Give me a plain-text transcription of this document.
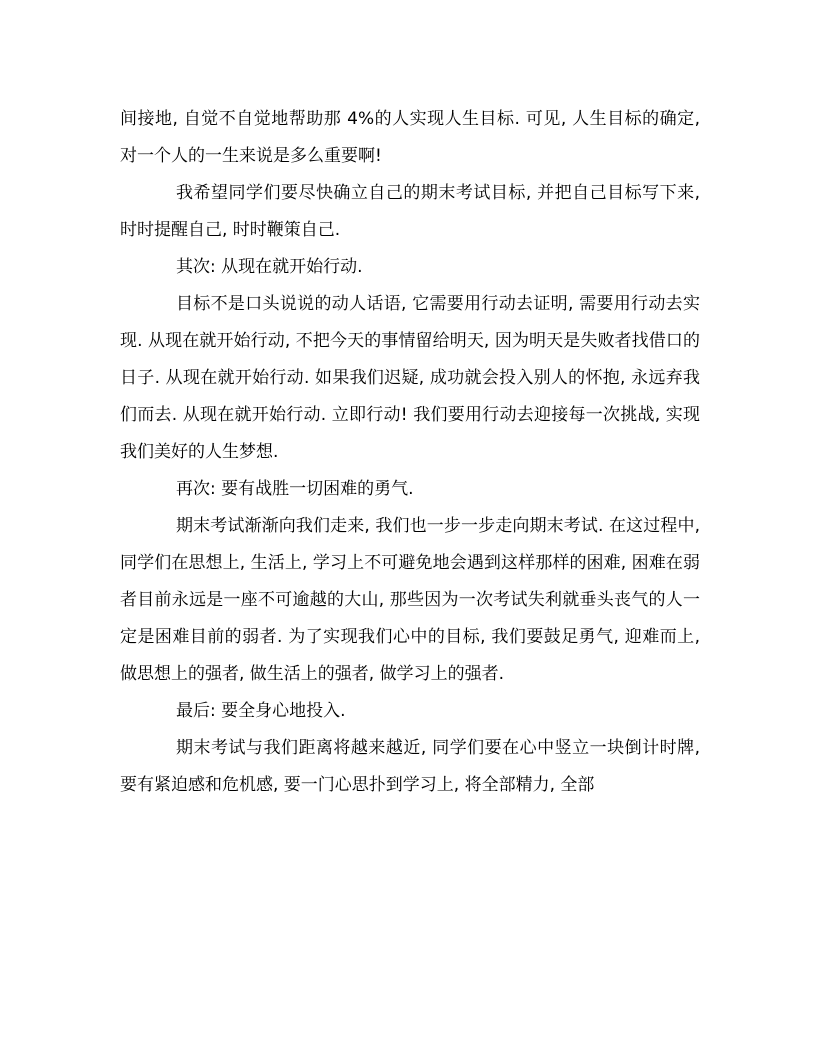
间接地, 自觉不自觉地帮助那 4%的人实现人生目标. 可见, 人生目标的确定, 对一个人的一生来说是多么重要啊!

我希望同学们要尽快确立自己的期末考试目标, 并把自己目标写下来, 时时提醒自己, 时时鞭策自己.

其次: 从现在就开始行动.

目标不是口头说说的动人话语, 它需要用行动去证明, 需要用行动去实现. 从现在就开始行动, 不把今天的事情留给明天, 因为明天是失败者找借口的日子. 从现在就开始行动. 如果我们迟疑, 成功就会投入别人的怀抱, 永远弃我们而去. 从现在就开始行动. 立即行动! 我们要用行动去迎接每一次挑战, 实现我们美好的人生梦想.

再次: 要有战胜一切困难的勇气.

期末考试渐渐向我们走来, 我们也一步一步走向期末考试. 在这过程中, 同学们在思想上, 生活上, 学习上不可避免地会遇到这样那样的困难, 困难在弱者目前永远是一座不可逾越的大山, 那些因为一次考试失利就垂头丧气的人一定是困难目前的弱者. 为了实现我们心中的目标, 我们要鼓足勇气, 迎难而上, 做思想上的强者, 做生活上的强者, 做学习上的强者.

最后: 要全身心地投入.

期末考试与我们距离将越来越近, 同学们要在心中竖立一块倒计时牌, 要有紧迫感和危机感, 要一门心思扑到学习上, 将全部精力, 全部
